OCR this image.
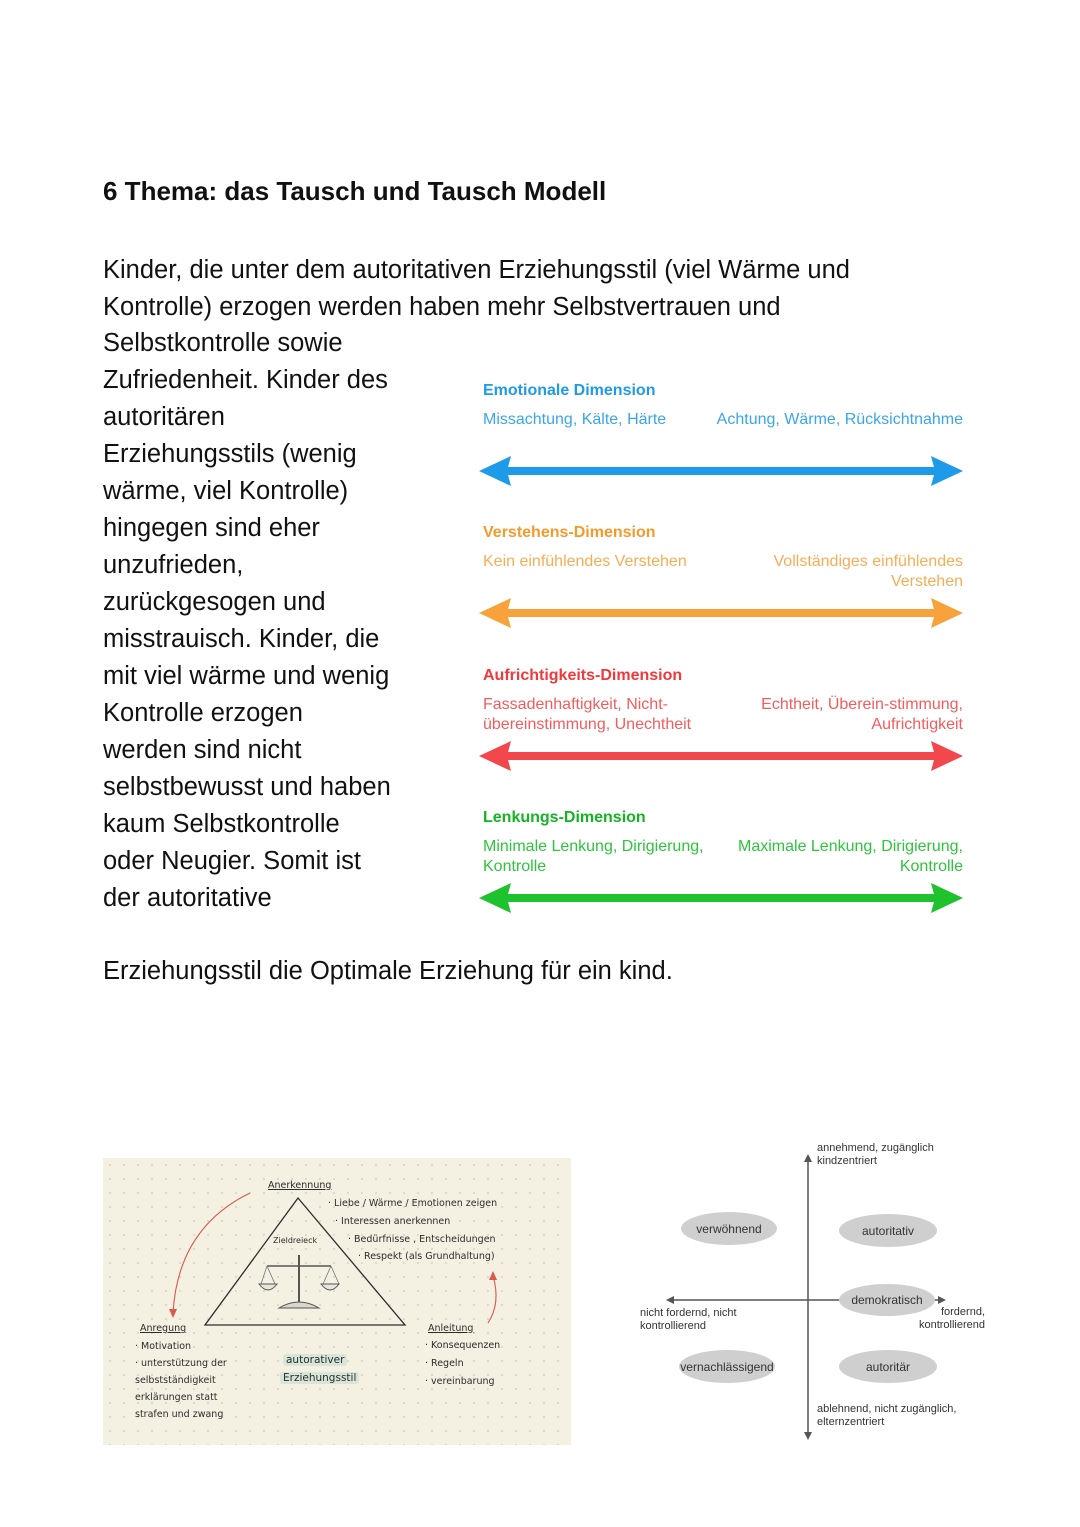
6 Thema: das Tausch und Tausch Modell

Kinder, die unter dem autoritativen Erziehungsstil (viel Wärme und Kontrolle) erzogen werden haben mehr Selbstvertrauen und

Selbstkontrolle sowie Zufriedenheit. Kinder des autoritären Erziehungsstils (wenig wärme, viel Kontrolle) hingegen sind eher unzufrieden, zurückgesogen und misstrauisch. Kinder, die mit viel wärme und wenig Kontrolle erzogen werden sind nicht selbstbewusst und haben kaum Selbstkontrolle oder Neugier. Somit ist der autoritative

Erziehungsstil die Optimale Erziehung für ein kind.

Emotionale Dimension
Missachtung, Kälte, Härte	Achtung, Wärme, Rücksichtnahme
Verstehens-Dimension
Kein einfühlendes Verstehen	Vollständiges einfühlendes Verstehen
Aufrichtigkeits-Dimension
Fassadenhaftigkeit, Nicht-übereinstimmung, Unechtheit
Echtheit, Überein-stimmung, Aufrichtigkeit
Lenkungs-Dimension
Minimale Lenkung, Dirigierung, Kontrolle
Maximale Lenkung, Dirigierung, Kontrolle
Anerkennung
· Liebe / Wärme / Emotionen zeigen
· Interessen anerkennen
· Bedürfnisse , Entscheidungen
· Respekt (als Grundhaltung)
Zieldreieck
Anregung
· Motivation
· unterstützung der
selbstständigkeit
erklärungen statt
strafen und zwang
Anleitung
· Konsequenzen
· Regeln
· vereinbarung
autorativer
Erziehungsstil
annehmend, zugänglich kindzentriert
ablehnend, nicht zugänglich, elternzentriert
nicht fordernd, nicht kontrollierend
fordernd, kontrollierend
verwöhnend	autoritativ
demokratisch
vernachlässigend	autoritär
